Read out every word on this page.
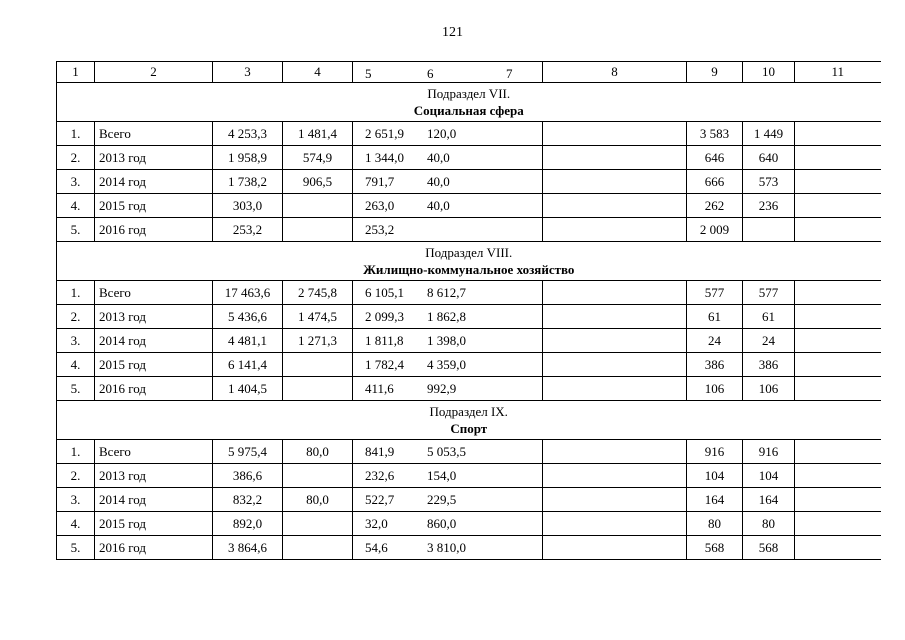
121
1	2	3	4	5 6 7	8	9	10	11

Подраздел VII.
Социальная сфера								

1.	Всего	4 253,3	1 481,4	2 651,9 120,0		3 583	1 449	
2.	2013 год	1 958,9	574,9	1 344,0 40,0		646	640	
3.	2014 год	1 738,2	906,5	791,7 40,0		666	573	
4.	2015 год	303,0		263,0 40,0		262	236	
5.	2016 год	253,2		253,2		2 009		

Подраздел VIII.
Жилищно-коммунальное хозяйство								

1.	Всего	17 463,6	2 745,8	6 105,1 8 612,7		577	577	
2.	2013 год	5 436,6	1 474,5	2 099,3 1 862,8		61	61	
3.	2014 год	4 481,1	1 271,3	1 811,8 1 398,0		24	24	
4.	2015 год	6 141,4		1 782,4 4 359,0		386	386	
5.	2016 год	1 404,5		411,6 992,9		106	106	

Подраздел IX.
Спорт								

1.	Всего	5 975,4	80,0	841,9 5 053,5		916	916	
2.	2013 год	386,6		232,6 154,0		104	104	
3.	2014 год	832,2	80,0	522,7 229,5		164	164	
4.	2015 год	892,0		32,0 860,0		80	80	
5.	2016 год	3 864,6		54,6 3 810,0		568	568	
